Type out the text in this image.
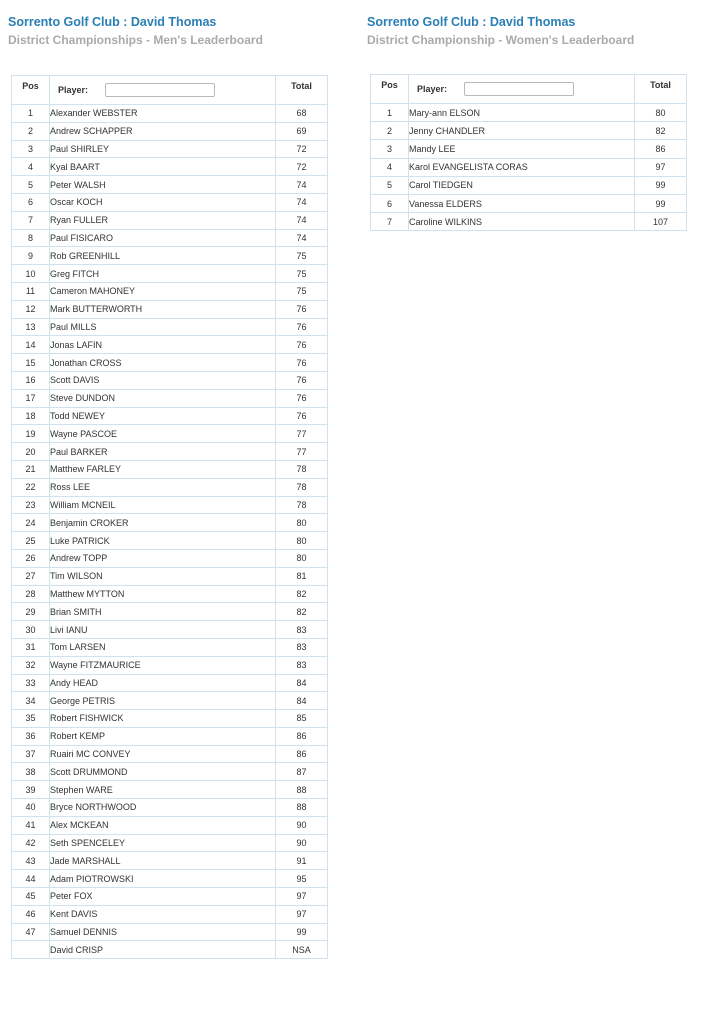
Sorrento Golf Club : David Thomas
District Championships - Men's Leaderboard
Pos	Player:	Total
1	Alexander WEBSTER	68
2	Andrew SCHAPPER	69
3	Paul SHIRLEY	72
4	Kyal BAART	72
5	Peter WALSH	74
6	Oscar KOCH	74
7	Ryan FULLER	74
8	Paul FISICARO	74
9	Rob GREENHILL	75
10	Greg FITCH	75
11	Cameron MAHONEY	75
12	Mark BUTTERWORTH	76
13	Paul MILLS	76
14	Jonas LAFIN	76
15	Jonathan CROSS	76
16	Scott DAVIS	76
17	Steve DUNDON	76
18	Todd NEWEY	76
19	Wayne PASCOE	77
20	Paul BARKER	77
21	Matthew FARLEY	78
22	Ross LEE	78
23	William MCNEIL	78
24	Benjamin CROKER	80
25	Luke PATRICK	80
26	Andrew TOPP	80
27	Tim WILSON	81
28	Matthew MYTTON	82
29	Brian SMITH	82
30	Livi IANU	83
31	Tom LARSEN	83
32	Wayne FITZMAURICE	83
33	Andy HEAD	84
34	George PETRIS	84
35	Robert FISHWICK	85
36	Robert KEMP	86
37	Ruairi MC CONVEY	86
38	Scott DRUMMOND	87
39	Stephen WARE	88
40	Bryce NORTHWOOD	88
41	Alex MCKEAN	90
42	Seth SPENCELEY	90
43	Jade MARSHALL	91
44	Adam PIOTROWSKI	95
45	Peter FOX	97
46	Kent DAVIS	97
47	Samuel DENNIS	99
	David CRISP	NSA
Sorrento Golf Club : David Thomas
District Championship - Women's Leaderboard
Pos	Player:	Total
1	Mary-ann ELSON	80
2	Jenny CHANDLER	82
3	Mandy LEE	86
4	Karol EVANGELISTA CORAS	97
5	Carol TIEDGEN	99
6	Vanessa ELDERS	99
7	Caroline WILKINS	107
